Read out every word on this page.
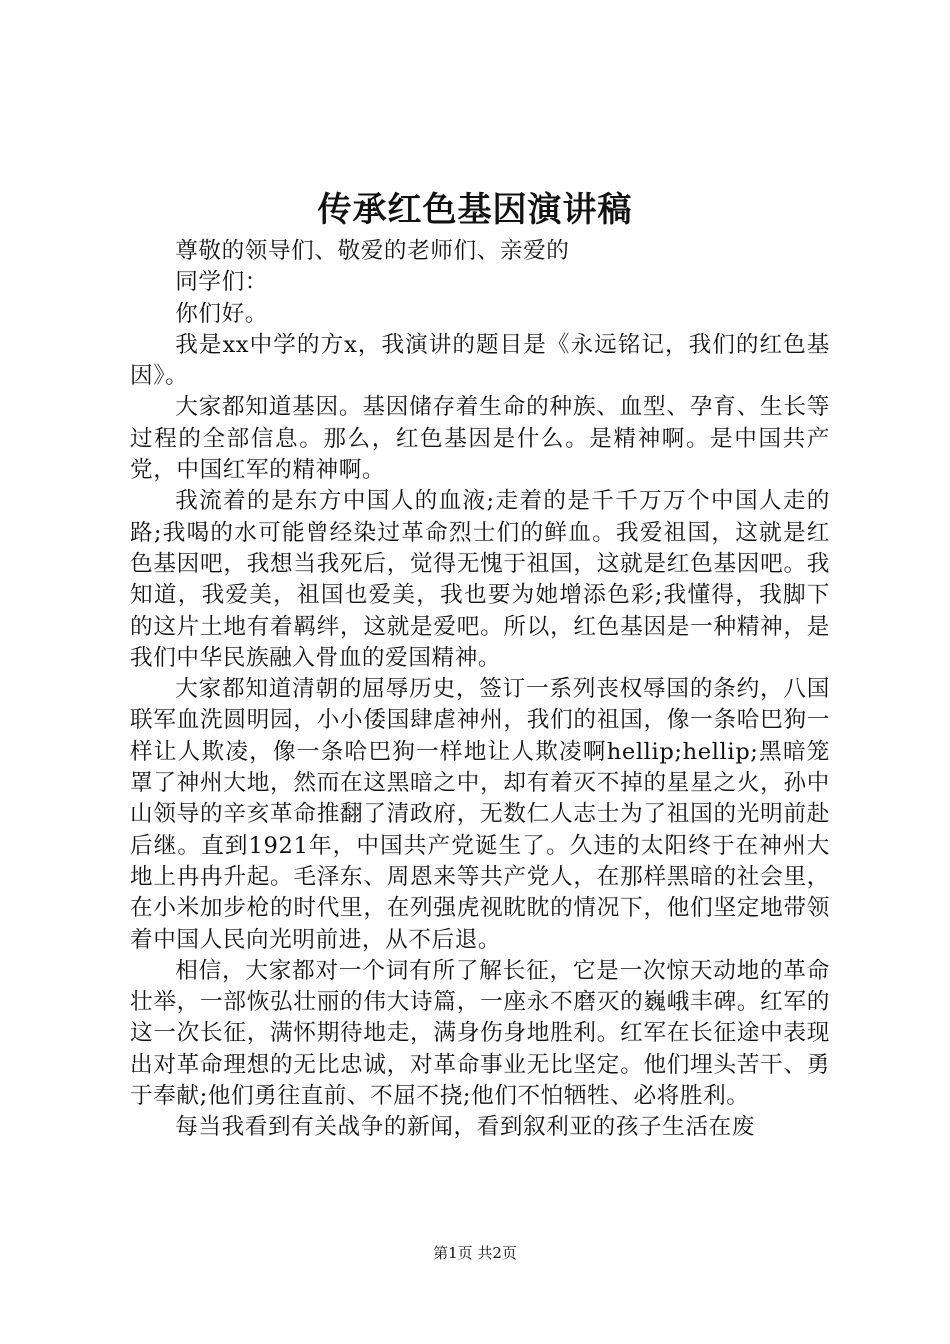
传承红色基因演讲稿

尊敬的领导们、敬爱的老师们、亲爱的

同学们：

你们好。

我是xx中学的方x，我演讲的题目是《永远铭记，我们的红色基因》。

大家都知道基因。基因储存着生命的种族、血型、孕育、生长等过程的全部信息。那么，红色基因是什么。是精神啊。是中国共产党，中国红军的精神啊。

我流着的是东方中国人的血液;走着的是千千万万个中国人走的路;我喝的水可能曾经染过革命烈士们的鲜血。我爱祖国，这就是红色基因吧，我想当我死后，觉得无愧于祖国，这就是红色基因吧。我知道，我爱美，祖国也爱美，我也要为她增添色彩;我懂得，我脚下的这片土地有着羁绊，这就是爱吧。所以，红色基因是一种精神，是我们中华民族融入骨血的爱国精神。

大家都知道清朝的屈辱历史，签订一系列丧权辱国的条约，八国联军血洗圆明园，小小倭国肆虐神州，我们的祖国，像一条哈巴狗一样让人欺凌，像一条哈巴狗一样地让人欺凌啊hellip;hellip;黑暗笼罩了神州大地，然而在这黑暗之中，却有着灭不掉的星星之火，孙中山领导的辛亥革命推翻了清政府，无数仁人志士为了祖国的光明前赴后继。直到1921年，中国共产党诞生了。久违的太阳终于在神州大地上冉冉升起。毛泽东、周恩来等共产党人，在那样黑暗的社会里，在小米加步枪的时代里，在列强虎视眈眈的情况下，他们坚定地带领着中国人民向光明前进，从不后退。

相信，大家都对一个词有所了解长征，它是一次惊天动地的革命壮举，一部恢弘壮丽的伟大诗篇，一座永不磨灭的巍峨丰碑。红军的这一次长征，满怀期待地走，满身伤身地胜利。红军在长征途中表现出对革命理想的无比忠诚，对革命事业无比坚定。他们埋头苦干、勇于奉献;他们勇往直前、不屈不挠;他们不怕牺牲、必将胜利。

每当我看到有关战争的新闻，看到叙利亚的孩子生活在废

第1页 共2页
